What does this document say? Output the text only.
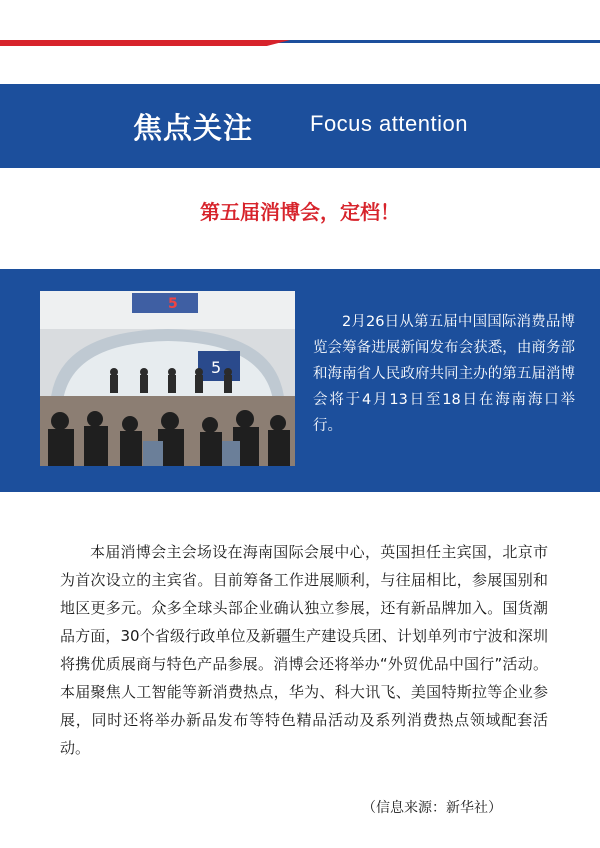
焦点关注	Focus attention
第五届消博会，定档！
5
5
2月26日从第五届中国国际消费品博览会筹备进展新闻发布会获悉，由商务部和海南省人民政府共同主办的第五届消博会将于4月13日至18日在海南海口举行。
本届消博会主会场设在海南国际会展中心，英国担任主宾国，北京市为首次设立的主宾省。目前筹备工作进展顺利，与往届相比，参展国别和地区更多元。众多全球头部企业确认独立参展，还有新品牌加入。国货潮品方面，30个省级行政单位及新疆生产建设兵团、计划单列市宁波和深圳将携优质展商与特色产品参展。消博会还将举办“外贸优品中国行”活动。本届聚焦人工智能等新消费热点，华为、科大讯飞、美国特斯拉等企业参展，同时还将举办新品发布等特色精品活动及系列消费热点领域配套活动。
（信息来源：新华社）
